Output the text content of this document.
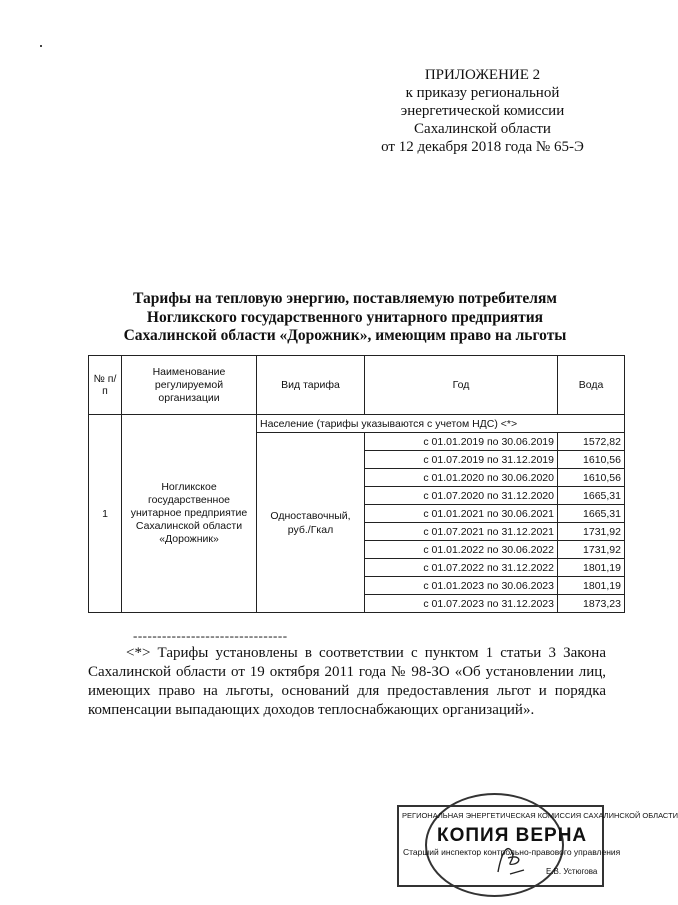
ПРИЛОЖЕНИЕ 2
к приказу региональной
энергетической комиссии
Сахалинской области
от 12 декабря 2018 года № 65-Э
Тарифы на тепловую энергию, поставляемую потребителям
Ногликского государственного унитарного предприятия
Сахалинской области «Дорожник», имеющим право на льготы
№ п/п	Наименование регулируемой организации	Вид тарифа	Год	Вода
1	Ногликское государственное унитарное предприятие Сахалинской области «Дорожник»	Население (тарифы указываются с учетом НДС) <*>		
		Одноставочный, руб./Гкал	с 01.01.2019 по 30.06.2019	1572,82
			с 01.07.2019 по 31.12.2019	1610,56
			с 01.01.2020 по 30.06.2020	1610,56
			с 01.07.2020 по 31.12.2020	1665,31
			с 01.01.2021 по 30.06.2021	1665,31
			с 01.07.2021 по 31.12.2021	1731,92
			с 01.01.2022 по 30.06.2022	1731,92
			с 01.07.2022 по 31.12.2022	1801,19
			с 01.01.2023 по 30.06.2023	1801,19
			с 01.07.2023 по 31.12.2023	1873,23
--------------------------------
<*> Тарифы установлены в соответствии с пунктом 1 статьи 3 Закона Сахалинской области от 19 октября 2011 года № 98-ЗО «Об установлении лиц, имеющих право на льготы, оснований для предоставления льгот и порядка компенсации выпадающих доходов теплоснабжающих организаций».
РЕГИОНАЛЬНАЯ ЭНЕРГЕТИЧЕСКАЯ КОМИССИЯ САХАЛИНСКОЙ ОБЛАСТИ
КОПИЯ ВЕРНА
Старший инспектор контрольно-правового управления
Е.В. Устюгова
